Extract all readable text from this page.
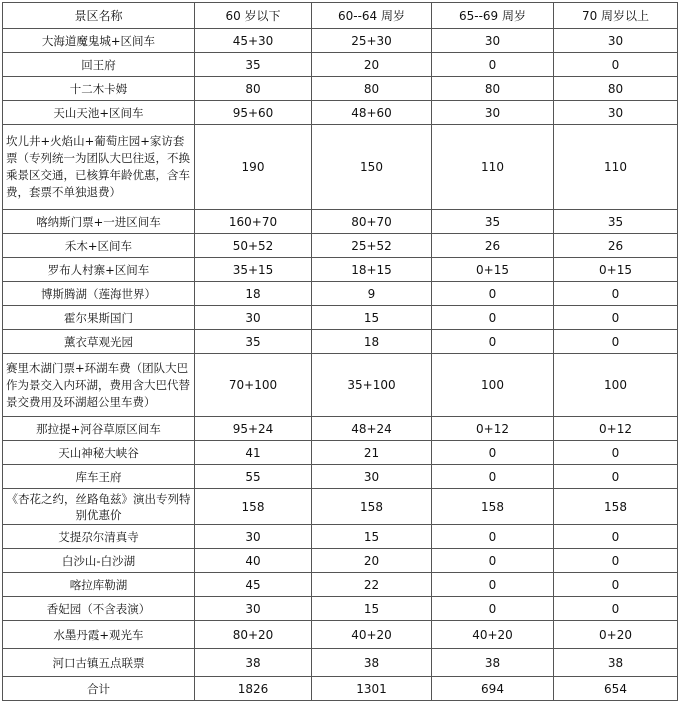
景区名称	60 岁以下	60--64 周岁	65--69 周岁	70 周岁以上
大海道魔鬼城+区间车	45+30	25+30	30	30
回王府	35	20	0	0
十二木卡姆	80	80	80	80
天山天池+区间车	95+60	48+60	30	30
坎儿井+火焰山+葡萄庄园+家访套票（专列统一为团队大巴往返，不换乘景区交通，已核算年龄优惠，含车费，套票不单独退费）	190	150	110	110
喀纳斯门票+一进区间车	160+70	80+70	35	35
禾木+区间车	50+52	25+52	26	26
罗布人村寨+区间车	35+15	18+15	0+15	0+15
博斯腾湖（莲海世界）	18	9	0	0
霍尔果斯国门	30	15	0	0
薰衣草观光园	35	18	0	0
赛里木湖门票+环湖车费（团队大巴作为景交入内环湖，费用含大巴代替景交费用及环湖超公里车费）	70+100	35+100	100	100
那拉提+河谷草原区间车	95+24	48+24	0+12	0+12
天山神秘大峡谷	41	21	0	0
库车王府	55	30	0	0
《杏花之约，丝路龟兹》演出专列特别优惠价	158	158	158	158
艾提尕尔清真寺	30	15	0	0
白沙山-白沙湖	40	20	0	0
喀拉库勒湖	45	22	0	0
香妃园（不含表演）	30	15	0	0
水墨丹霞+观光车	80+20	40+20	40+20	0+20
河口古镇五点联票	38	38	38	38
合计	1826	1301	694	654
